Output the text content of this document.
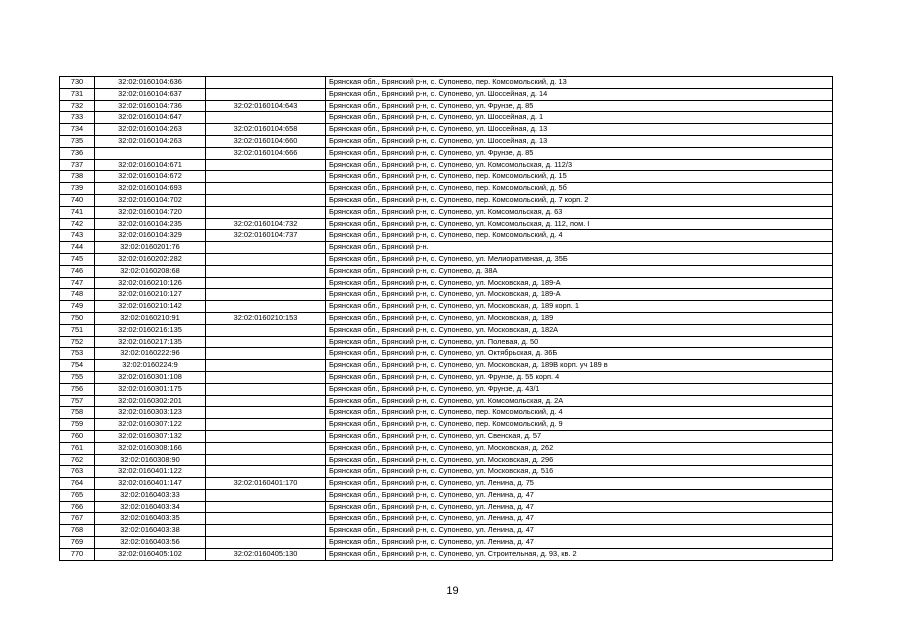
730	32:02:0160104:636		Брянская обл., Брянский р-н, с. Супонево, пер. Комсомольский, д. 13
731	32:02:0160104:637		Брянская обл., Брянский р-н, с. Супонево, ул. Шоссейная, д. 14
732	32:02:0160104:736	32:02:0160104:643	Брянская обл., Брянский р-н, с. Супонево, ул. Фрунзе, д. 85
733	32:02:0160104:647		Брянская обл., Брянский р-н, с. Супонево, ул. Шоссейная, д. 1
734	32:02:0160104:263	32:02:0160104:658	Брянская обл., Брянский р-н, с. Супонево, ул. Шоссейная, д. 13
735	32:02:0160104:263	32:02:0160104:660	Брянская обл., Брянский р-н, с. Супонево, ул. Шоссейная, д. 13
736		32:02:0160104:666	Брянская обл., Брянский р-н, с. Супонево, ул. Фрунзе, д. 85
737	32:02:0160104:671		Брянская обл., Брянский р-н, с. Супонево, ул. Комсомольская, д. 112/3
738	32:02:0160104:672		Брянская обл., Брянский р-н, с. Супонево, пер. Комсомольский, д. 15
739	32:02:0160104:693		Брянская обл., Брянский р-н, с. Супонево, пер. Комсомольский, д. 5б
740	32:02:0160104:702		Брянская обл., Брянский р-н, с. Супонево, пер. Комсомольский, д. 7 корп. 2
741	32:02:0160104:720		Брянская обл., Брянский р-н, с. Супонево, ул. Комсомольская, д. 63
742	32:02:0160104:235	32:02:0160104:732	Брянская обл., Брянский р-н, с. Супонево, ул. Комсомольская, д. 112, пом. I
743	32:02:0160104:329	32:02:0160104:737	Брянская обл., Брянский р-н, с. Супонево, пер. Комсомольский, д. 4
744	32:02:0160201:76		Брянская обл., Брянский р-н.
745	32:02:0160202:282		Брянская обл., Брянский р-н, с. Супонево, ул. Мелиоративная, д. 35Б
746	32:02:0160208:68		Брянская обл., Брянский р-н, с. Супонево, д. 38А
747	32:02:0160210:126		Брянская обл., Брянский р-н, с. Супонево, ул. Московская, д. 189-А
748	32:02:0160210:127		Брянская обл., Брянский р-н, с. Супонево, ул. Московская, д. 189-А
749	32:02:0160210:142		Брянская обл., Брянский р-н, с. Супонево, ул. Московская, д. 189 корп. 1
750	32:02:0160210:91	32:02:0160210:153	Брянская обл., Брянский р-н, с. Супонево, ул. Московская, д. 189
751	32:02:0160216:135		Брянская обл., Брянский р-н, с. Супонево, ул. Московская, д. 182А
752	32:02:0160217:135		Брянская обл., Брянский р-н, с. Супонево, ул. Полевая, д. 50
753	32:02:0160222:96		Брянская обл., Брянский р-н, с. Супонево, ул. Октябрьская, д. 36Б
754	32:02:0160224:9		Брянская обл., Брянский р-н, с. Супонево, ул. Московская, д. 189В корп. уч 189 в
755	32:02:0160301:108		Брянская обл., Брянский р-н, с. Супонево, ул. Фрунзе, д. 55 корп. 4
756	32:02:0160301:175		Брянская обл., Брянский р-н, с. Супонево, ул. Фрунзе, д. 43/1
757	32:02:0160302:201		Брянская обл., Брянский р-н, с. Супонево, ул. Комсомольская, д. 2А
758	32:02:0160303:123		Брянская обл., Брянский р-н, с. Супонево, пер. Комсомольский, д. 4
759	32:02:0160307:122		Брянская обл., Брянский р-н, с. Супонево, пер. Комсомольский, д. 9
760	32:02:0160307:132		Брянская обл., Брянский р-н, с. Супонево, ул. Свенская, д. 57
761	32:02:0160308:166		Брянская обл., Брянский р-н, с. Супонево, ул. Московская, д. 262
762	32:02:0160308:90		Брянская обл., Брянский р-н, с. Супонево, ул. Московская, д. 296
763	32:02:0160401:122		Брянская обл., Брянский р-н, с. Супонево, ул. Московская, д. 516
764	32:02:0160401:147	32:02:0160401:170	Брянская обл., Брянский р-н, с. Супонево, ул. Ленина, д. 75
765	32:02:0160403:33		Брянская обл., Брянский р-н, с. Супонево, ул. Ленина, д. 47
766	32:02:0160403:34		Брянская обл., Брянский р-н, с. Супонево, ул. Ленина, д. 47
767	32:02:0160403:35		Брянская обл., Брянский р-н, с. Супонево, ул. Ленина, д. 47
768	32:02:0160403:38		Брянская обл., Брянский р-н, с. Супонево, ул. Ленина, д. 47
769	32:02:0160403:56		Брянская обл., Брянский р-н, с. Супонево, ул. Ленина, д. 47
770	32:02:0160405:102	32:02:0160405:130	Брянская обл., Брянский р-н, с. Супонево, ул. Строительная, д. 93, кв. 2
19
